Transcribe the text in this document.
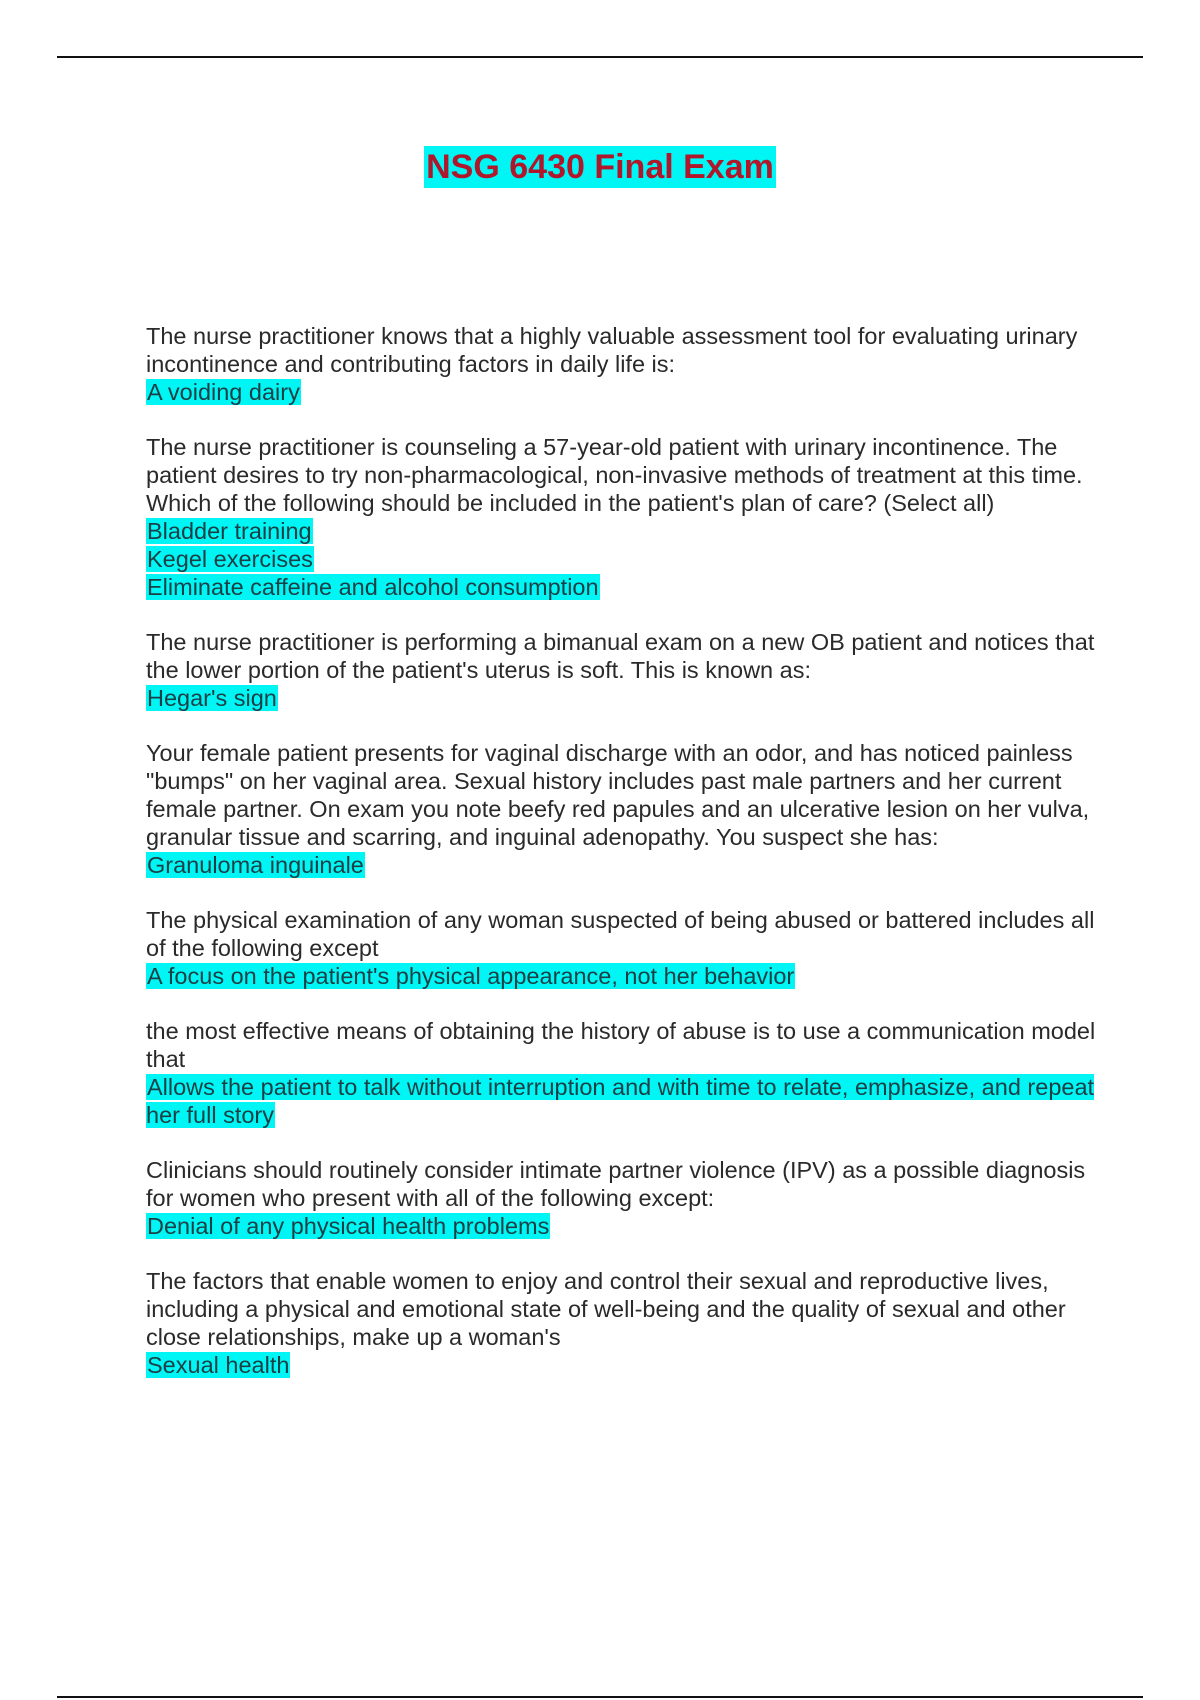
NSG 6430 Final Exam

The nurse practitioner knows that a highly valuable assessment tool for evaluating urinary incontinence and contributing factors in daily life is:

A voiding dairy

The nurse practitioner is counseling a 57-year-old patient with urinary incontinence. The patient desires to try non-pharmacological, non-invasive methods of treatment at this time. Which of the following should be included in the patient's plan of care? (Select all)

Bladder training

Kegel exercises

Eliminate caffeine and alcohol consumption

The nurse practitioner is performing a bimanual exam on a new OB patient and notices that the lower portion of the patient's uterus is soft. This is known as:

Hegar's sign

Your female patient presents for vaginal discharge with an odor, and has noticed painless "bumps" on her vaginal area. Sexual history includes past male partners and her current female partner. On exam you note beefy red papules and an ulcerative lesion on her vulva, granular tissue and scarring, and inguinal adenopathy. You suspect she has:

Granuloma inguinale

The physical examination of any woman suspected of being abused or battered includes all of the following except

A focus on the patient's physical appearance, not her behavior

the most effective means of obtaining the history of abuse is to use a communication model that

Allows the patient to talk without interruption and with time to relate, emphasize, and repeat her full story

Clinicians should routinely consider intimate partner violence (IPV) as a possible diagnosis for women who present with all of the following except:

Denial of any physical health problems

The factors that enable women to enjoy and control their sexual and reproductive lives, including a physical and emotional state of well-being and the quality of sexual and other close relationships, make up a woman's

Sexual health
